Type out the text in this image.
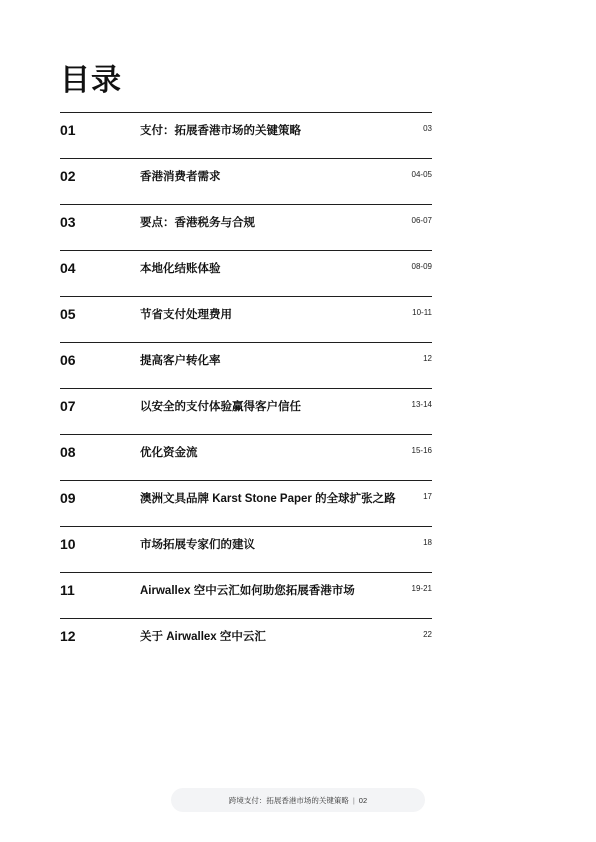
目录
01	支付：拓展香港市场的关键策略	03
02	香港消费者需求	04-05
03	要点：香港税务与合规	06-07
04	本地化结账体验	08-09
05	节省支付处理费用	10-11
06	提高客户转化率	12
07	以安全的支付体验赢得客户信任	13-14
08	优化资金流	15-16
09	澳洲文具品牌 Karst Stone Paper 的全球扩张之路	17
10	市场拓展专家们的建议	18
11	Airwallex 空中云汇如何助您拓展香港市场	19-21
12	关于 Airwallex 空中云汇	22
跨境支付：拓展香港市场的关键策略 | 02
